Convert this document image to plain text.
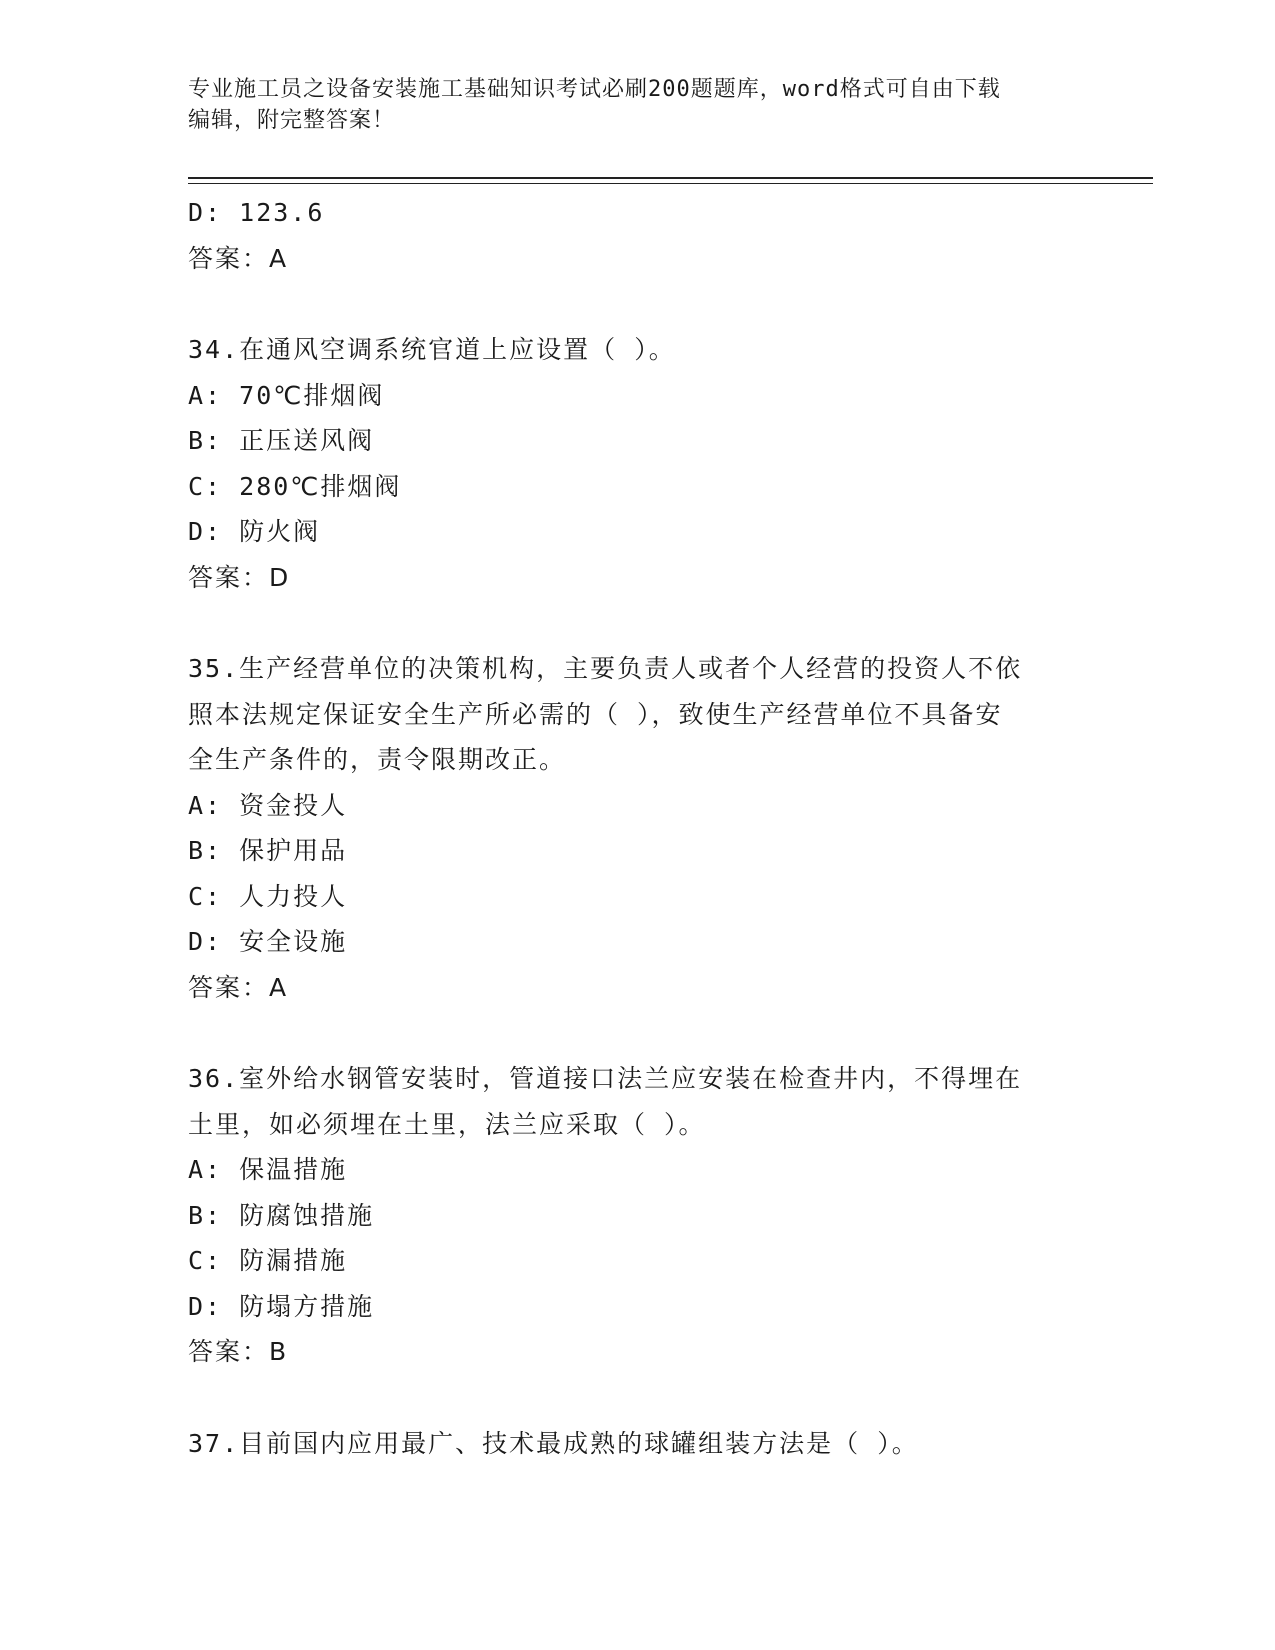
专业施工员之设备安装施工基础知识考试必刷200题题库，word格式可自由下载
编辑，附完整答案！
D: 123.6
答案：A
34.在通风空调系统官道上应设置（ ）。
A: 70℃排烟阀
B: 正压送风阀
C: 280℃排烟阀
D: 防火阀
答案：D
35.生产经营单位的决策机构，主要负责人或者个人经营的投资人不依
照本法规定保证安全生产所必需的（ ），致使生产经营单位不具备安
全生产条件的，责令限期改正。
A: 资金投人
B: 保护用品
C: 人力投人
D: 安全设施
答案：A
36.室外给水钢管安装时，管道接口法兰应安装在检查井内，不得埋在
土里，如必须埋在土里，法兰应采取（ ）。
A: 保温措施
B: 防腐蚀措施
C: 防漏措施
D: 防塌方措施
答案：B
37.目前国内应用最广、技术最成熟的球罐组装方法是（ ）。
